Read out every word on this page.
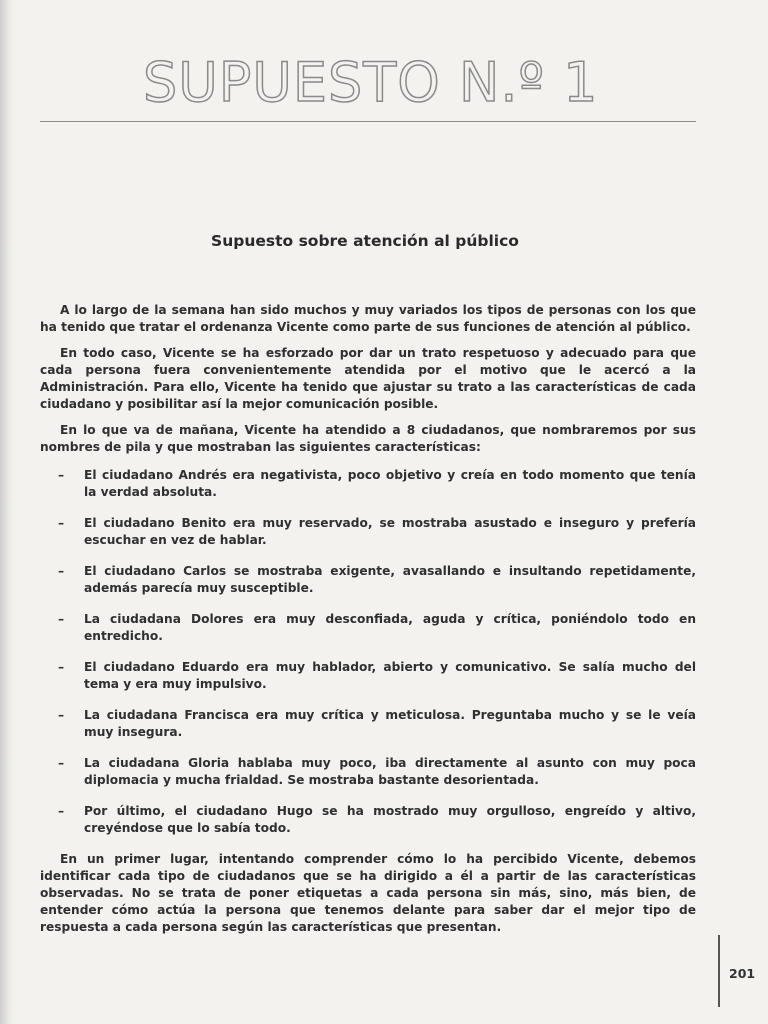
SUPUESTO N.º 1
Supuesto sobre atención al público

A lo largo de la semana han sido muchos y muy variados los tipos de personas con los que ha tenido que tratar el ordenanza Vicente como parte de sus funciones de atención al público.

En todo caso, Vicente se ha esforzado por dar un trato respetuoso y adecuado para que cada persona fuera convenientemente atendida por el motivo que le acercó a la Administración. Para ello, Vicente ha tenido que ajustar su trato a las características de cada ciudadano y posibilitar así la mejor comunicación posible.

En lo que va de mañana, Vicente ha atendido a 8 ciudadanos, que nombraremos por sus nombres de pila y que mostraban las siguientes características:

– El ciudadano Andrés era negativista, poco objetivo y creía en todo momento que tenía la verdad absoluta.
– El ciudadano Benito era muy reservado, se mostraba asustado e inseguro y prefería escuchar en vez de hablar.
– El ciudadano Carlos se mostraba exigente, avasallando e insultando repetidamente, además parecía muy susceptible.
– La ciudadana Dolores era muy desconfiada, aguda y crítica, poniéndolo todo en entredicho.
– El ciudadano Eduardo era muy hablador, abierto y comunicativo. Se salía mucho del tema y era muy impulsivo.
– La ciudadana Francisca era muy crítica y meticulosa. Preguntaba mucho y se le veía muy insegura.
– La ciudadana Gloria hablaba muy poco, iba directamente al asunto con muy poca diplomacia y mucha frialdad. Se mostraba bastante desorientada.
– Por último, el ciudadano Hugo se ha mostrado muy orgulloso, engreído y altivo, creyéndose que lo sabía todo.

En un primer lugar, intentando comprender cómo lo ha percibido Vicente, debemos identificar cada tipo de ciudadanos que se ha dirigido a él a partir de las características observadas. No se trata de poner etiquetas a cada persona sin más, sino, más bien, de entender cómo actúa la persona que tenemos delante para saber dar el mejor tipo de respuesta a cada persona según las características que presentan.

201
